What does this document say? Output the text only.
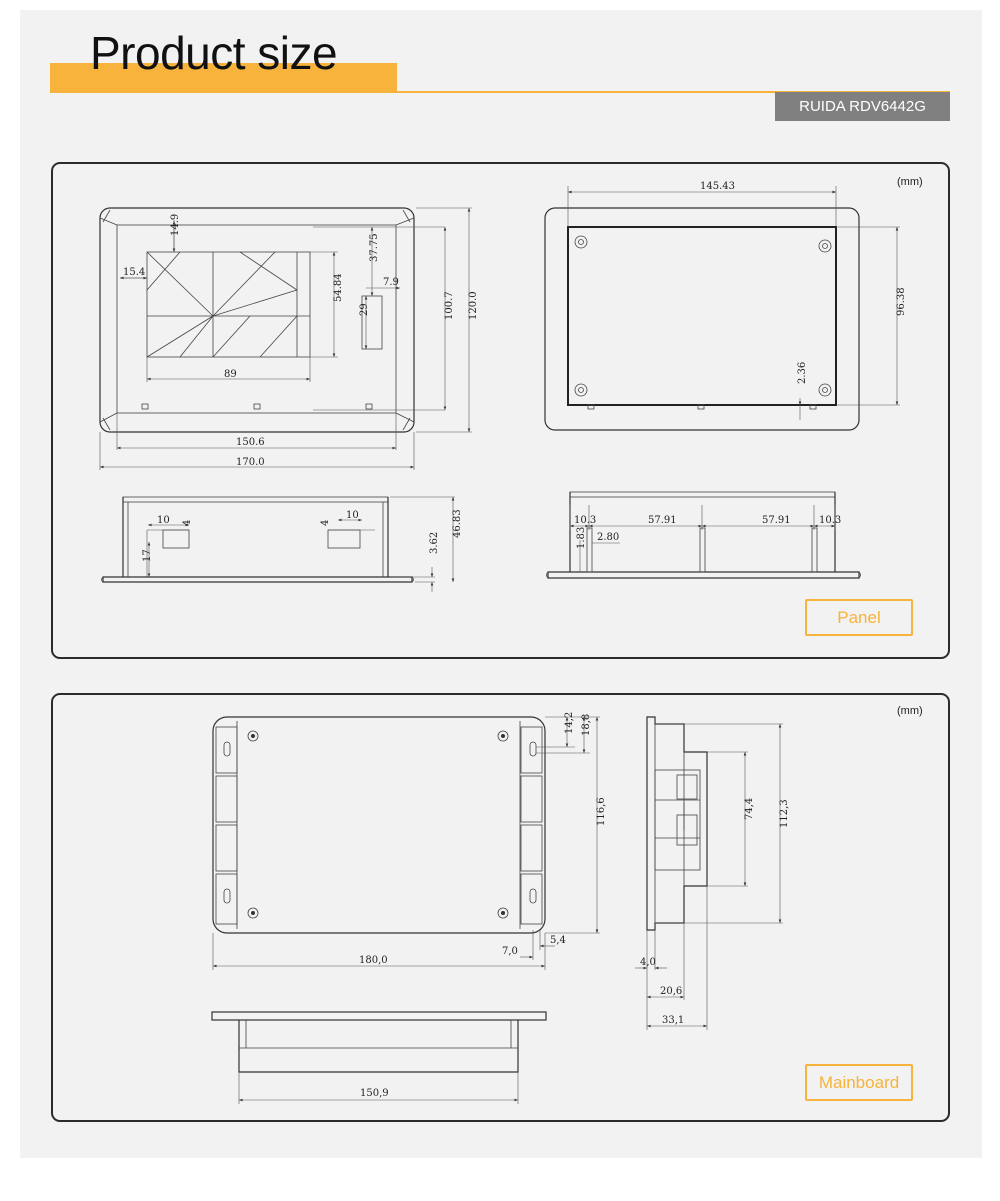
Product size
RUIDA RDV6442G
(mm)
Panel
(mm)
Mainboard
14.9
15.4
37.75
7.9
54.84
29	100.7 120.0
89
150.6
170.0
145.43
96.38
2.36
10 4
17
4
10
3.62
46.83	10.3	57.91	57.91	10.3
2.80
1.83
14,2 18,8
116,6
180,0
7,0
5,4
150,9
74,4 112,3
4,0
20,6
33,1
